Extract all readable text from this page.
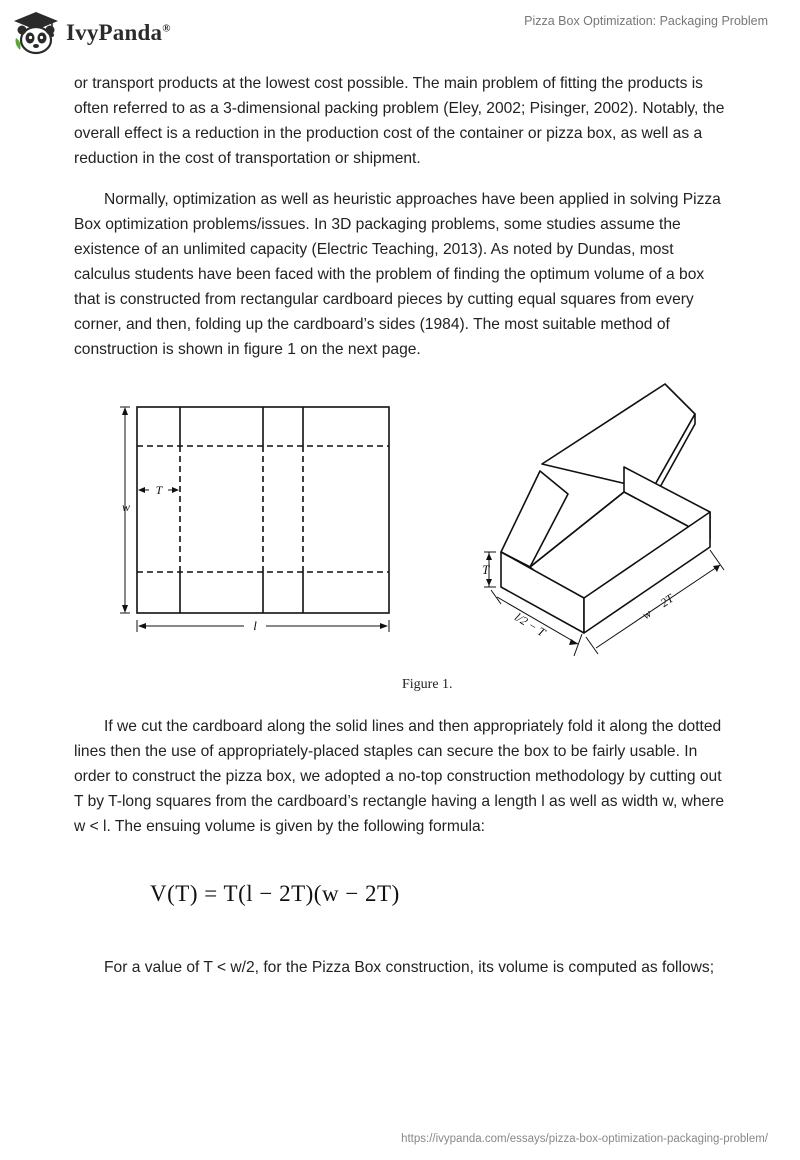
IvyPanda®
Pizza Box Optimization: Packaging Problem

or transport products at the lowest cost possible. The main problem of fitting the products is often referred to as a 3-dimensional packing problem (Eley, 2002; Pisinger, 2002). Notably, the overall effect is a reduction in the production cost of the container or pizza box, as well as a reduction in the cost of transportation or shipment.

Normally, optimization as well as heuristic approaches have been applied in solving Pizza Box optimization problems/issues. In 3D packaging problems, some studies assume the existence of an unlimited capacity (Electric Teaching, 2013). As noted by Dundas, most calculus students have been faced with the problem of finding the optimum volume of a box that is constructed from rectangular cardboard pieces by cutting equal squares from every corner, and then, folding up the cardboard’s sides (1984). The most suitable method of construction is shown in figure 1 on the next page.

w
T
l
T
w − 2T
l/2 − T
Figure 1.

If we cut the cardboard along the solid lines and then appropriately fold it along the dotted lines then the use of appropriately-placed staples can secure the box to be fairly usable. In order to construct the pizza box, we adopted a no-top construction methodology by cutting out T by T-long squares from the cardboard’s rectangle having a length l as well as width w, where w < l. The ensuing volume is given by the following formula:

V(T) = T(l − 2T)(w − 2T)

For a value of T < w/2, for the Pizza Box construction, its volume is computed as follows;

https://ivypanda.com/essays/pizza-box-optimization-packaging-problem/
